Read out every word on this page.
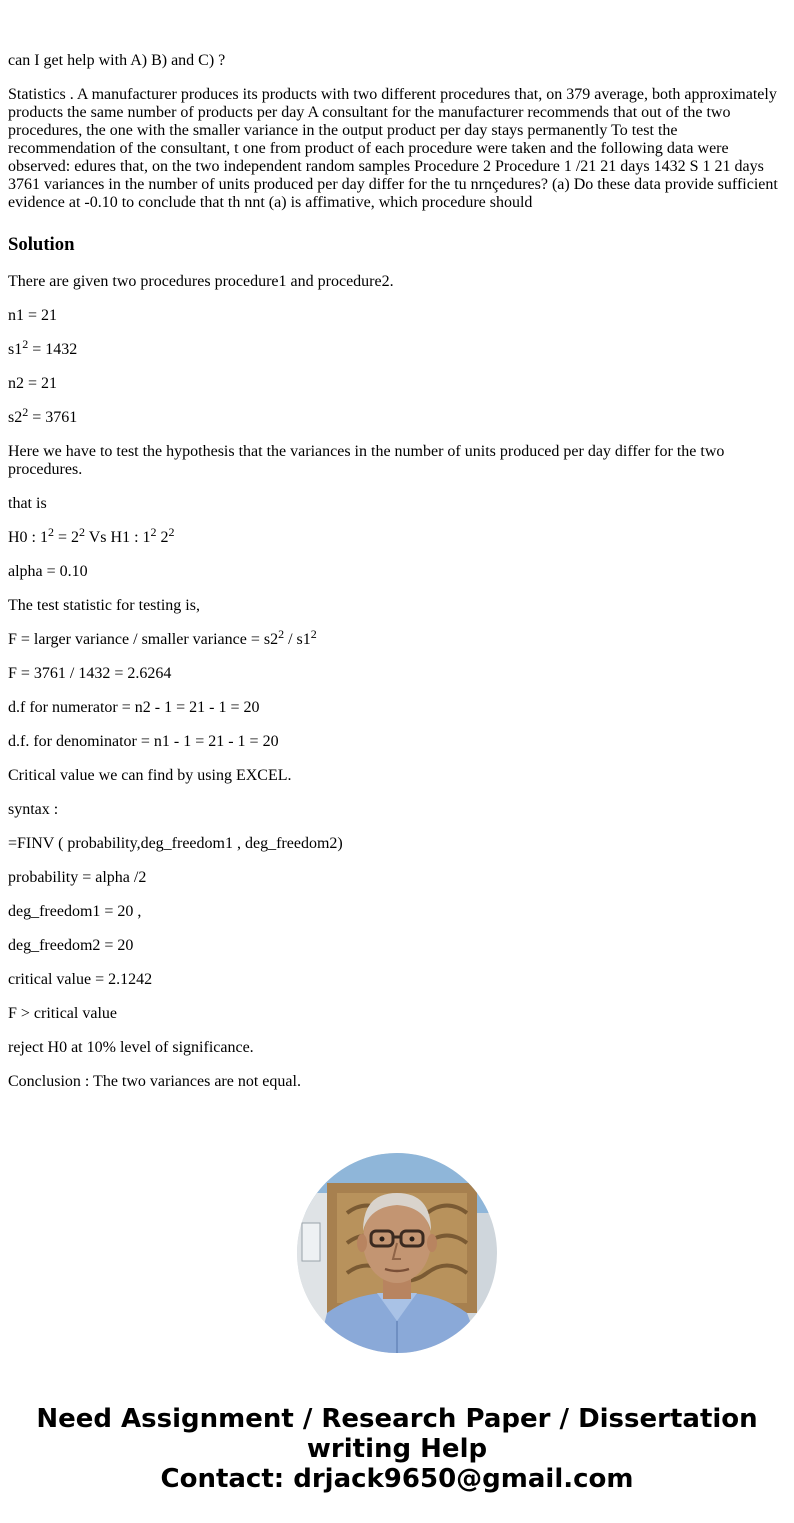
can I get help with A) B) and C) ?

Statistics . A manufacturer produces its products with two different procedures that, on 379 average, both approximately products the same number of products per day A consultant for the manufacturer recommends that out of the two procedures, the one with the smaller variance in the output product per day stays permanently To test the recommendation of the consultant, t one from product of each procedure were taken and the following data were observed: edures that, on the two independent random samples Procedure 2 Procedure 1 /21 21 days 1432 S 1 21 days 3761 variances in the number of units produced per day differ for the tu nrnçedures? (a) Do these data provide sufficient evidence at -0.10 to conclude that th nnt (a) is affimative, which procedure should

Solution

There are given two procedures procedure1 and procedure2.

n1 = 21

$s1^2 = 1432$

n2 = 21

$s2^2 = 3761$

Here we have to test the hypothesis that the variances in the number of units produced per day differ for the two procedures.

that is

H0 : $1^2 = 2^2$ Vs H1 : $1^2$ $2^2$

alpha = 0.10

The test statistic for testing is,

F = larger variance / smaller variance = $s2^2 / s1^2$

F = 3761 / 1432 = 2.6264

d.f for numerator = n2 - 1 = 21 - 1 = 20

d.f. for denominator = n1 - 1 = 21 - 1 = 20

Critical value we can find by using EXCEL.

syntax :

=FINV ( probability,deg_freedom1 , deg_freedom2)

probability = alpha /2

deg_freedom1 = 20 ,

deg_freedom2 = 20

critical value = 2.1242

F > critical value

reject H0 at 10% level of significance.

Conclusion : The two variances are not equal.

Need Assignment / Research Paper / Dissertation
writing Help
Contact: drjack9650@gmail.com
